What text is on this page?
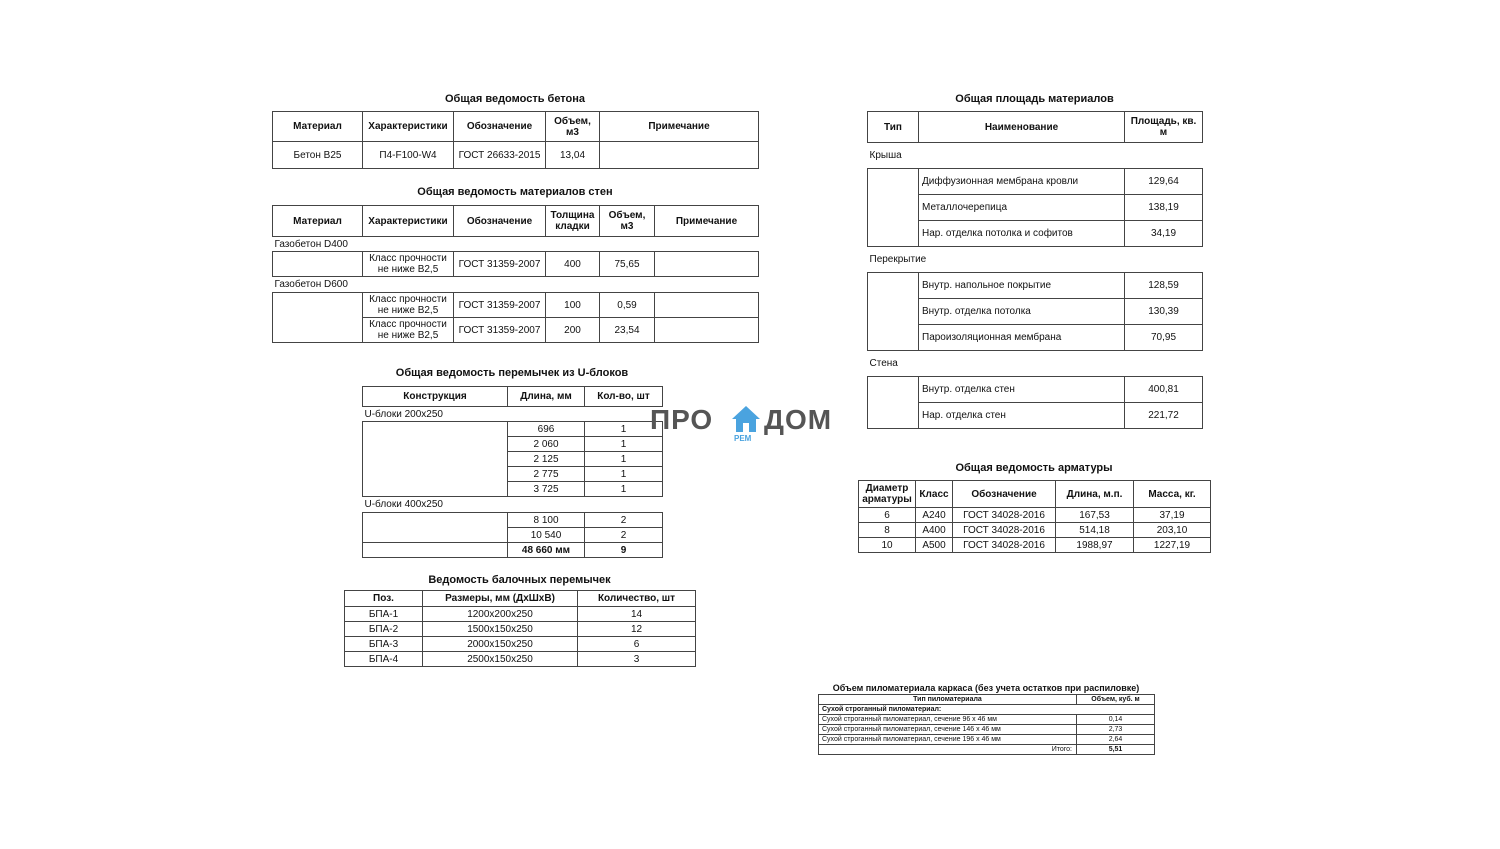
Общая ведомость бетона
Материал	Характеристики	Обозначение	Объем, м3	Примечание
Бетон В25	П4-F100-W4	ГОСТ 26633-2015	13,04	
Общая ведомость материалов стен
Материал	Характеристики	Обозначение	Толщина кладки	Объем, м3	Примечание
Газобетон D400					
	Класс прочности не ниже В2,5	ГОСТ 31359-2007	400	75,65	
Газобетон D600					
	Класс прочности не ниже В2,5	ГОСТ 31359-2007	100	0,59	
	Класс прочности не ниже В2,5	ГОСТ 31359-2007	200	23,54	
Общая ведомость перемычек из U-блоков
Конструкция	Длина, мм	Кол-во, шт
U-блоки 200х250		
	696	1
	2 060	1
	2 125	1
	2 775	1
	3 725	1
U-блоки 400х250		
	8 100	2
	10 540	2
	48 660 мм	9
Ведомость балочных перемычек
Поз.	Размеры, мм (ДхШхВ)	Количество, шт
БПА-1	1200х200х250	14
БПА-2	1500х150х250	12
БПА-3	2000х150х250	6
БПА-4	2500х150х250	3
Общая площадь материалов
Тип	Наименование	Площадь, кв. м
Крыша		
	Диффузионная мембрана кровли	129,64
	Металлочерепица	138,19
	Нар. отделка потолка и софитов	34,19
Перекрытие		
	Внутр. напольное покрытие	128,59
	Внутр. отделка потолка	130,39
	Пароизоляционная мембрана	70,95
Стена		
	Внутр. отделка стен	400,81
	Нар. отделка стен	221,72
Общая ведомость арматуры
Диаметр арматуры	Класс	Обозначение	Длина, м.п.	Масса, кг.
6	A240	ГОСТ 34028-2016	167,53	37,19
8	A400	ГОСТ 34028-2016	514,18	203,10
10	A500	ГОСТ 34028-2016	1988,97	1227,19
Объем пиломатериала каркаса (без учета остатков при распиловке)
Тип пиломатериала	Объем, куб. м
Сухой строганный пиломатериал:	
Сухой строганный пиломатериал, сечение 96 х 46 мм	0,14
Сухой строганный пиломатериал, сечение 146 х 46 мм	2,73
Сухой строганный пиломатериал, сечение 196 х 46 мм	2,64
Итого:	5,51
ПРО
РЕМ
ДОМ
